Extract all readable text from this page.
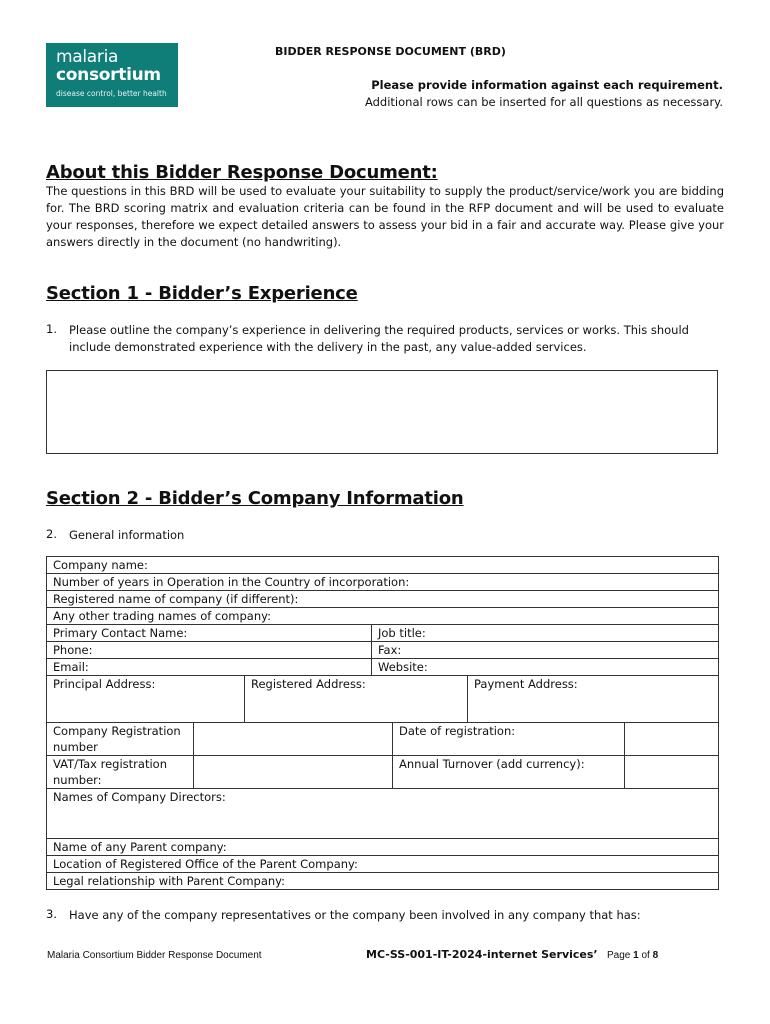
malaria
consortium
disease control, better health
BIDDER RESPONSE DOCUMENT (BRD)
Please provide information against each requirement.
Additional rows can be inserted for all questions as necessary.
About this Bidder Response Document:
The questions in this BRD will be used to evaluate your suitability to supply the product/service/work you are bidding for. The BRD scoring matrix and evaluation criteria can be found in the RFP document and will be used to evaluate your responses, therefore we expect detailed answers to assess your bid in a fair and accurate way. Please give your answers directly in the document (no handwriting).
Section 1 - Bidder’s Experience
1. Please outline the company’s experience in delivering the required products, services or works. This should include demonstrated experience with the delivery in the past, any value-added services.
Section 2 - Bidder’s Company Information
2. General information
Company name:						
Number of years in Operation in the Country of incorporation:						
Registered name of company (if different):						
Any other trading names of company:						
Primary Contact Name:			Job title:			
Phone:			Fax:			
Email:			Website:			
Principal Address:		Registered Address:			Payment Address:	
Company Registration number				Date of registration:		
VAT/Tax registration number:				Annual Turnover (add currency):		
Names of Company Directors:						
Name of any Parent company:						
Location of Registered Office of the Parent Company:						
Legal relationship with Parent Company:						
3. Have any of the company representatives or the company been involved in any company that has:
Malaria Consortium Bidder Response Document	MC-SS-001-IT-2024-internet Services’ Page 1 of 8
